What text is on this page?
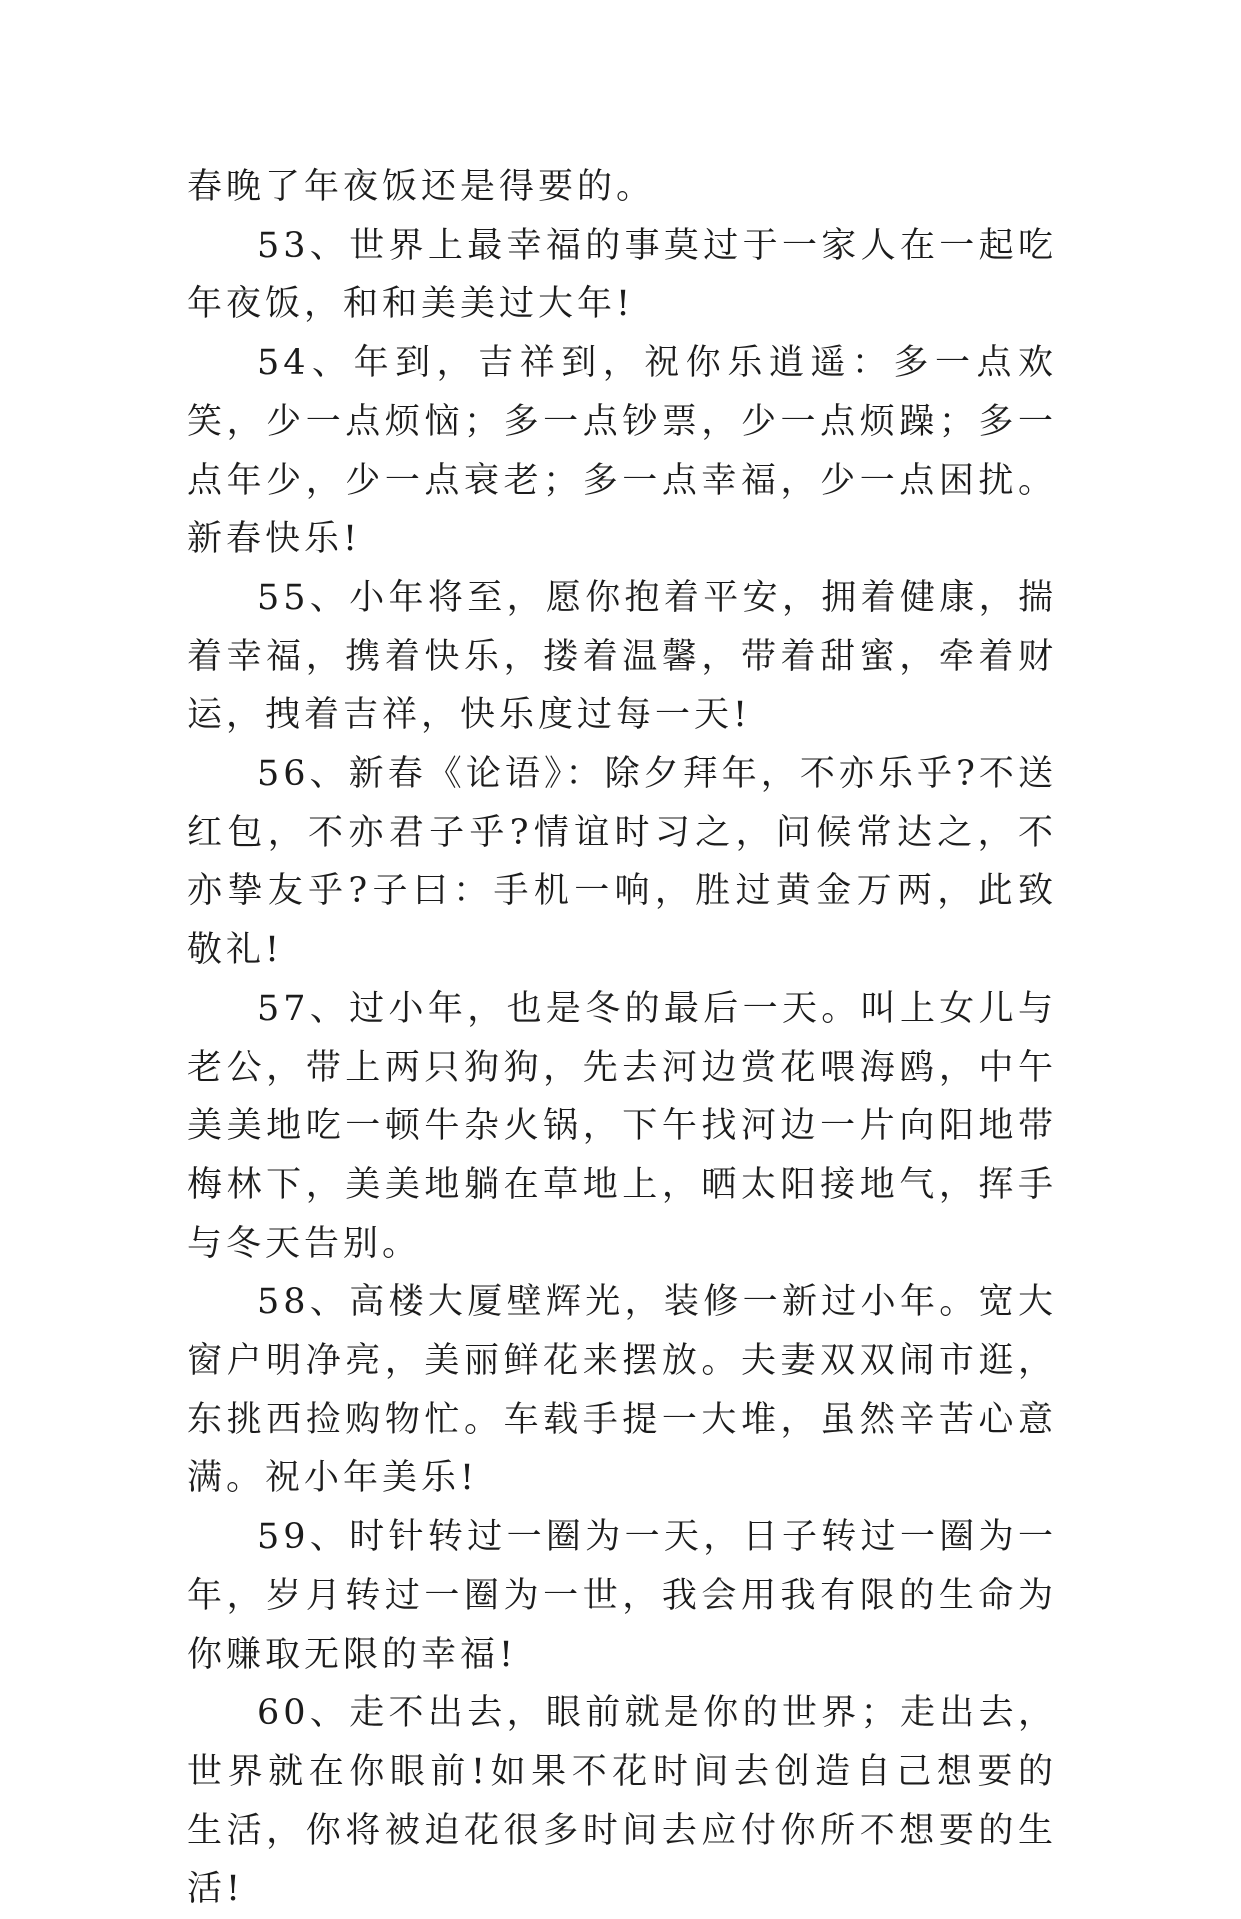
春晚了年夜饭还是得要的。

53、世界上最幸福的事莫过于一家人在一起吃年夜饭，和和美美过大年!

54、年到，吉祥到，祝你乐逍遥：多一点欢笑，少一点烦恼；多一点钞票，少一点烦躁；多一点年少，少一点衰老；多一点幸福，少一点困扰。新春快乐!

55、小年将至，愿你抱着平安，拥着健康，揣着幸福，携着快乐，搂着温馨，带着甜蜜，牵着财运，拽着吉祥，快乐度过每一天!

56、新春《论语》：除夕拜年，不亦乐乎?不送红包，不亦君子乎?情谊时习之，问候常达之，不亦挚友乎?子曰：手机一响，胜过黄金万两，此致敬礼!

57、过小年，也是冬的最后一天。叫上女儿与老公，带上两只狗狗，先去河边赏花喂海鸥，中午美美地吃一顿牛杂火锅，下午找河边一片向阳地带梅林下，美美地躺在草地上，晒太阳接地气，挥手与冬天告别。

58、高楼大厦壁辉光，装修一新过小年。宽大窗户明净亮，美丽鲜花来摆放。夫妻双双闹市逛，东挑西捡购物忙。车载手提一大堆，虽然辛苦心意满。祝小年美乐!

59、时针转过一圈为一天，日子转过一圈为一年，岁月转过一圈为一世，我会用我有限的生命为你赚取无限的幸福!

60、走不出去，眼前就是你的世界；走出去，世界就在你眼前!如果不花时间去创造自己想要的生活，你将被迫花很多时间去应付你所不想要的生活!
